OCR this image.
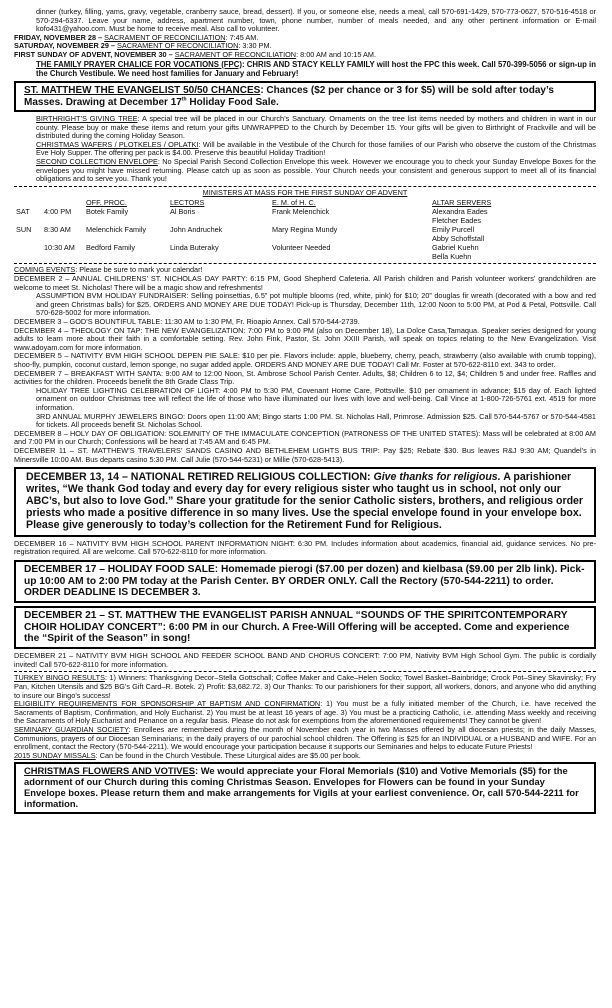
dinner (turkey, filling, yams, gravy, vegetable, cranberry sauce, bread, dessert). If you, or someone else, needs a meal, call 570-691-1429, 570-773-0627, 570-516-4518 or 570-294-6337. Leave your name, address, apartment number, town, phone number, number of meals needed, and any other pertinent information or E-mail kofo431@yahoo.com. Must be home to receive meal. Also call to volunteer.

FRIDAY, NOVEMBER 28 – SACRAMENT OF RECONCILIATION: 7:45 AM.

SATURDAY, NOVEMBER 29 – SACRAMENT OF RECONCILIATION: 3:30 PM.

FIRST SUNDAY OF ADVENT, NOVEMBER 30 – SACRAMENT OF RECONCILIATION: 8:00 AM and 10:15 AM.

THE FAMILY PRAYER CHALICE FOR VOCATIONS (FPC): CHRIS AND STACY KELLY FAMILY will host the FPC this week. Call 570-399-5056 or sign-up in the Church Vestibule. We need host families for January and February!

ST. MATTHEW THE EVANGELIST 50/50 CHANCES: Chances ($2 per chance or 3 for $5) will be sold after today’s Masses. Drawing at December 17th Holiday Food Sale.

BIRTHRIGHT’S GIVING TREE: A special tree will be placed in our Church’s Sanctuary. Ornaments on the tree list items needed by mothers and children in want in our county. Please buy or make these items and return your gifts UNWRAPPED to the Church by December 15. Your gifts will be given to Birthright of Frackville and will be distributed during the coming Holiday Season.

CHRISTMAS WAFERS / PLOTKELES / OPLATKI: Will be available in the Vestibule of the Church for those families of our Parish who observe the custom of the Christmas Eve Holy Supper. The offering per pack is $4.00. Preserve this beautiful Holiday Tradition!

SECOND COLLECTION ENVELOPE: No Special Parish Second Collection Envelope this week. However we encourage you to check your Sunday Envelope Boxes for the envelopes you might have missed returning. Please catch up as soon as possible. Your Church needs your consistent and generous support to meet all of its financial obligations and to serve you. Thank you!

MINISTERS AT MASS FOR THE FIRST SUNDAY OF ADVENT

		OFF. PROC.	LECTORS	E. M. of H. C.	ALTAR SERVERS
SAT	4:00 PM	Botek Family	Al Boris	Frank Melenchick	Alexandra Eades
Fletcher Eades

SUN	8:30 AM	Melenchick Family	John Andruchek	Mary Regina Mundy	Emily Purcell
Abby Schoffstall

	10:30 AM	Bedford Family	Linda Buteraky	Volunteer Needed	Gabriel Kuehn
Bella Kuehn

COMING EVENTS: Please be sure to mark your calendar!

DECEMBER 2 – ANNUAL CHILDRENS’ ST. NICHOLAS DAY PARTY: 6:15 PM, Good Shepherd Cafeteria. All Parish children and Parish volunteer workers’ grandchildren are welcome to meet St. Nicholas! There will be a magic show and refreshments!

ASSUMPTION BVM HOLIDAY FUNDRAISER: Selling poinsettias, 6.5” pot multiple blooms (red, white, pink) for $10; 20” douglas fir wreath (decorated with a bow and red and green Christmas balls) for $25. ORDERS AND MONEY ARE DUE TODAY! Pick-up is Thursday, December 11th, 12:00 Noon to 5:00 PM, at Pod & Petal, Pottsville. Call 570-628-5002 for more information.

DECEMBER 3 – GOD’S BOUNTIFUL TABLE: 11:30 AM to 1:30 PM, Fr. Rioapio Annex. Call 570-544-2739.

DECEMBER 4 – THEOLOGY ON TAP: THE NEW EVANGELIZATION: 7:00 PM to 9:00 PM (also on December 18), La Dolce Casa,Tamaqua. Speaker series designed for young adults to learn more about their faith in a comfortable setting. Rev. John Fink, Pastor, St. John XXIII Parish, will speak on topics relating to the New Evangelization. Visit www.adoyam.com for more information.

DECEMBER 5 – NATIVITY BVM HIGH SCHOOL DEPEN PIE SALE: $10 per pie. Flavors include: apple, blueberry, cherry, peach, strawberry (also available with crumb topping), shoo-fly, pumpkin, coconut custard, lemon sponge, no sugar added apple. ORDERS AND MONEY ARE DUE TODAY! Call Mr. Foster at 570-622-8110 ext. 343 to order.

DECEMBER 7 – BREAKFAST WITH SANTA: 9:00 AM to 12:00 Noon, St. Ambrose School Parish Center. Adults, $8; Children 6 to 12, $4; Children 5 and under free. Raffles and activities for the children. Proceeds benefit the 8th Grade Class Trip.

HOLIDAY TREE LIGHTING CELEBRATION OF LIGHT: 4:00 PM to 5:30 PM, Covenant Home Care, Pottsville. $10 per ornament in advance; $15 day of. Each lighted ornament on outdoor Christmas tree will reflect the life of those who have illuminated our lives with love and well-being. Call Vince at 1-800-726-5761 ext. 4519 for more information.

3RD ANNUAL MURPHY JEWELERS BINGO: Doors open 11:00 AM; Bingo starts 1:00 PM. St. Nicholas Hall, Primrose. Admission $25. Call 570-544-5767 or 570-544-4581 for tickets. All proceeds benefit St. Nicholas School.

DECEMBER 8 – HOLY DAY OF OBLIGATION: SOLEMNITY OF THE IMMACULATE CONCEPTION (PATRONESS OF THE UNITED STATES): Mass will be celebrated at 8:00 AM and 7:00 PM in our Church; Confessions will be heard at 7:45 AM and 6:45 PM.

DECEMBER 11 – ST. MATTHEW’S TRAVELERS’ SANDS CASINO AND BETHLEHEM LIGHTS BUS TRIP: Pay $25; Rebate $30. Bus leaves R&J 9:30 AM; Quandel’s in Minersville 10:00 AM. Bus departs casino 5:30 PM. Call Julie (570-544-5231) or Millie (570-628-5413).

DECEMBER 13, 14 – NATIONAL RETIRED RELIGIOUS COLLECTION: Give thanks for religious. A parishioner writes, “We thank God today and every day for every religious sister who taught us in school, not only our ABC’s, but also to love God.” Share your gratitude for the senior Catholic sisters, brothers, and religious order priests who made a positive difference in so many lives. Use the special envelope found in your envelope box. Please give generously to today’s collection for the Retirement Fund for Religious.

DECEMBER 16 – NATIVITY BVM HIGH SCHOOL PARENT INFORMATION NIGHT: 6:30 PM. Includes information about academics, financial aid, guidance services. No pre-registration required. All are welcome. Call 570-622-8110 for more information.

DECEMBER 17 – HOLIDAY FOOD SALE: Homemade pierogi ($7.00 per dozen) and kielbasa ($9.00 per 2lb link). Pick-up 10:00 AM to 2:00 PM today at the Parish Center. BY ORDER ONLY. Call the Rectory (570-544-2211) to order. ORDER DEADLINE IS DECEMBER 3.
DECEMBER 21 – ST. MATTHEW THE EVANGELIST PARISH ANNUAL “SOUNDS OF THE SPIRITCONTEMPORARY CHOIR HOLIDAY CONCERT”: 6:00 PM in our Church. A Free-Will Offering will be accepted. Come and experience the “Spirit of the Season” in song!

DECEMBER 21 – NATIVITY BVM HIGH SCHOOL AND FEEDER SCHOOL BAND AND CHORUS CONCERT: 7:00 PM, Nativity BVM High School Gym. The public is cordially invited! Call 570-622-8110 for more information.

TURKEY BINGO RESULTS: 1) Winners: Thanksgiving Decor–Stella Gottschall; Coffee Maker and Cake–Helen Socko; Towel Basket–Bainbridge; Crock Pot–Siney Skavinsky; Fry Pan, Kitchen Utensils and $25 BG’s Gift Card–R. Botek. 2) Profit: $3,682.72. 3) Our Thanks: To our parishioners for their support, all workers, donors, and anyone who did anything to insure our Bingo’s success!

ELIGIBILITY REQUIREMENTS FOR SPONSORSHIP AT BAPTISM AND CONFIRMATION: 1) You must be a fully initiated member of the Church, i.e. have received the Sacraments of Baptism, Confirmation, and Holy Eucharist. 2) You must be at least 16 years of age. 3) You must be a practicing Catholic, i.e. attending Mass weekly and receiving the Sacraments of Holy Eucharist and Penance on a regular basis. Please do not ask for exemptions from the aforementioned requirements! They cannot be given!

SEMINARY GUARDIAN SOCIETY: Enrollees are remembered during the month of November each year in two Masses offered by all diocesan priests; in the daily Masses, Communions, prayers of our Diocesan Seminarians; in the daily prayers of our parochial school children. The Offering is $25 for an INDIVIDUAL or a HUSBAND and WIFE. For an enrollment, contact the Rectory (570-544-2211). We would encourage your participation because it supports our Seminaries and helps to educate Future Priests!

2015 SUNDAY MISSALS: Can be found in the Church Vestibule. These Liturgical aides are $5.00 per book.

CHRISTMAS FLOWERS AND VOTIVES: We would appreciate your Floral Memorials ($10) and Votive Memorials ($5) for the adornment of our Church during this coming Christmas Season. Envelopes for Flowers can be found in your Sunday Envelope boxes. Please return them and make arrangements for Vigils at your earliest convenience. Or, call 570-544-2211 for information.
